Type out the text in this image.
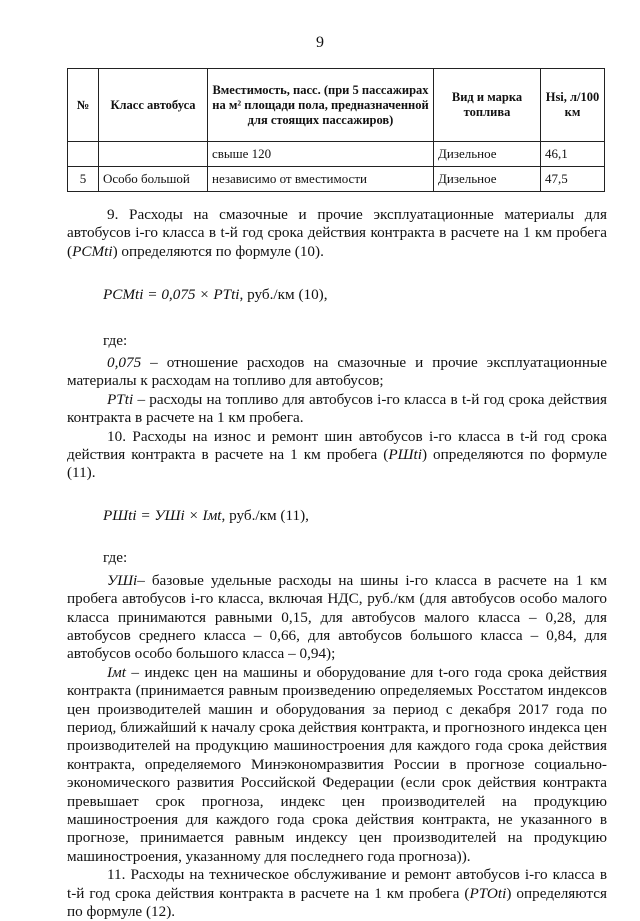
9
№	Класс автобуса	Вместимость, пасс. (при 5 пассажирах на м² площади пола, предназначенной для стоящих пассажиров)	Вид и марка топлива	Hsi, л/100 км
		свыше 120	Дизельное	46,1
5	Особо большой	независимо от вместимости	Дизельное	47,5

9. Расходы на смазочные и прочие эксплуатационные материалы для автобусов i-го класса в t-й год срока действия контракта в расчете на 1 км пробега (PСМti) определяются по формуле (10).

PСМti = 0,075 × PTti, руб./км (10),

где:

0,075 – отношение расходов на смазочные и прочие эксплуатационные материалы к расходам на топливо для автобусов;

PTti – расходы на топливо для автобусов i-го класса в t-й год срока действия контракта в расчете на 1 км пробега.

10. Расходы на износ и ремонт шин автобусов i-го класса в t-й год срока действия контракта в расчете на 1 км пробега (PШti) определяются по формуле (11).

PШti = УШi × Iмt, руб./км (11),

где:

УШi– базовые удельные расходы на шины i-го класса в расчете на 1 км пробега автобусов i-го класса, включая НДС, руб./км (для автобусов особо малого класса принимаются равными 0,15, для автобусов малого класса – 0,28, для автобусов среднего класса – 0,66, для автобусов большого класса – 0,84, для автобусов особо большого класса – 0,94);

Iмt – индекс цен на машины и оборудование для t-ого года срока действия контракта (принимается равным произведению определяемых Росстатом индексов цен производителей машин и оборудования за период с декабря 2017 года по период, ближайший к началу срока действия контракта, и прогнозного индекса цен производителей на продукцию машиностроения для каждого года срока действия контракта, определяемого Минэкономразвития России в прогнозе социально-экономического развития Российской Федерации (если срок действия контракта превышает срок прогноза, индекс цен производителей на продукцию машиностроения для каждого года срока действия контракта, не указанного в прогнозе, принимается равным индексу цен производителей на продукцию машиностроения, указанному для последнего года прогноза)).

11. Расходы на техническое обслуживание и ремонт автобусов i-го класса в t-й год срока действия контракта в расчете на 1 км пробега (PTOti) определяются по формуле (12).
